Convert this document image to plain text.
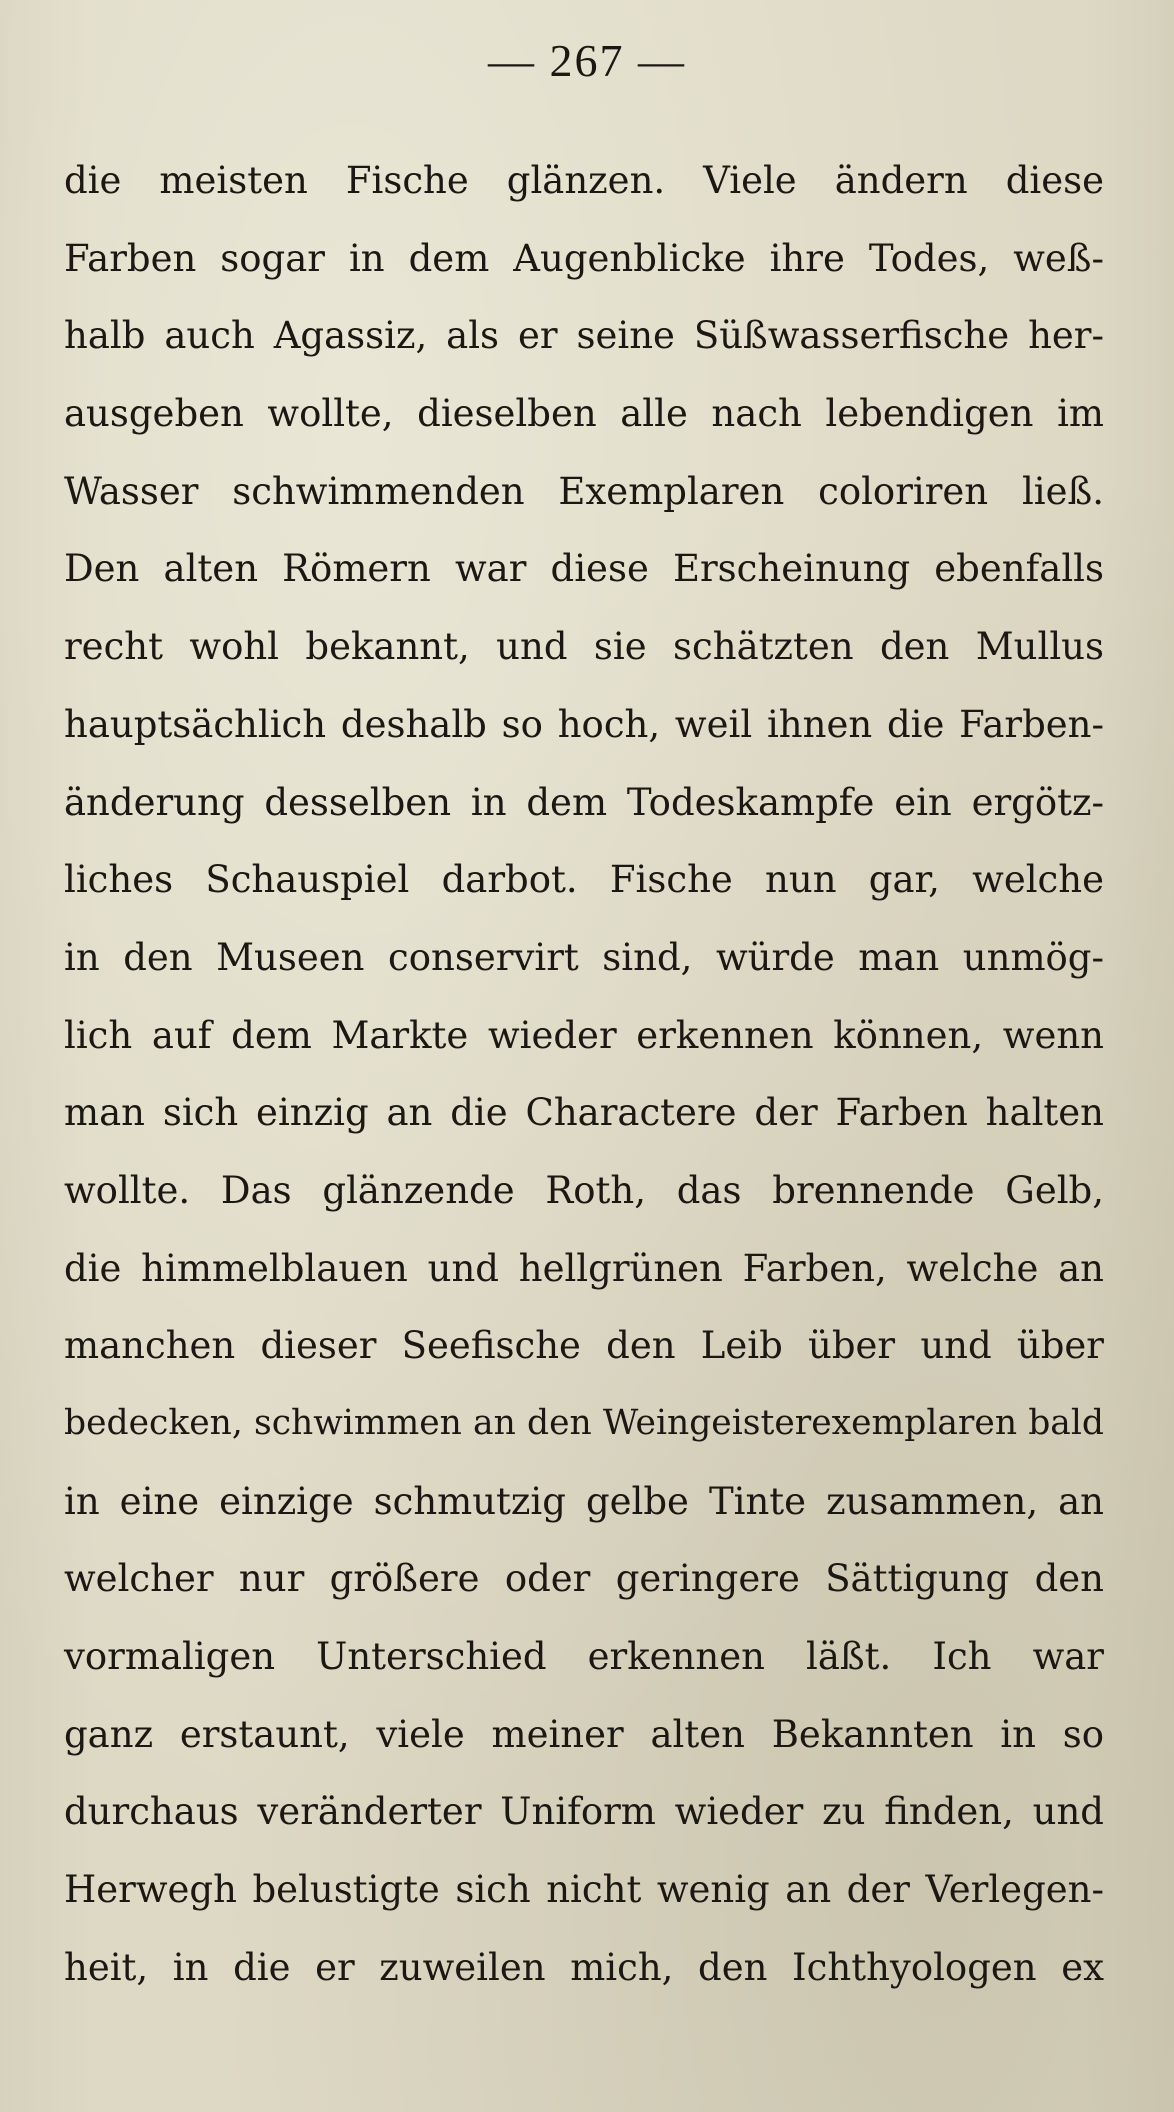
— 267 —
die meisten Fische glänzen. Viele ändern diese
Farben sogar in dem Augenblicke ihre Todes, weß-
halb auch Agassiz, als er seine Süßwasserfische her-
ausgeben wollte, dieselben alle nach lebendigen im
Wasser schwimmenden Exemplaren coloriren ließ.
Den alten Römern war diese Erscheinung ebenfalls
recht wohl bekannt, und sie schätzten den Mullus
hauptsächlich deshalb so hoch, weil ihnen die Farben-
änderung desselben in dem Todeskampfe ein ergötz-
liches Schauspiel darbot. Fische nun gar, welche
in den Museen conservirt sind, würde man unmög-
lich auf dem Markte wieder erkennen können, wenn
man sich einzig an die Charactere der Farben halten
wollte. Das glänzende Roth, das brennende Gelb,
die himmelblauen und hellgrünen Farben, welche an
manchen dieser Seefische den Leib über und über
bedecken, schwimmen an den Weingeisterexemplaren bald
in eine einzige schmutzig gelbe Tinte zusammen, an
welcher nur größere oder geringere Sättigung den
vormaligen Unterschied erkennen läßt. Ich war
ganz erstaunt, viele meiner alten Bekannten in so
durchaus veränderter Uniform wieder zu finden, und
Herwegh belustigte sich nicht wenig an der Verlegen-
heit, in die er zuweilen mich, den Ichthyologen ex
